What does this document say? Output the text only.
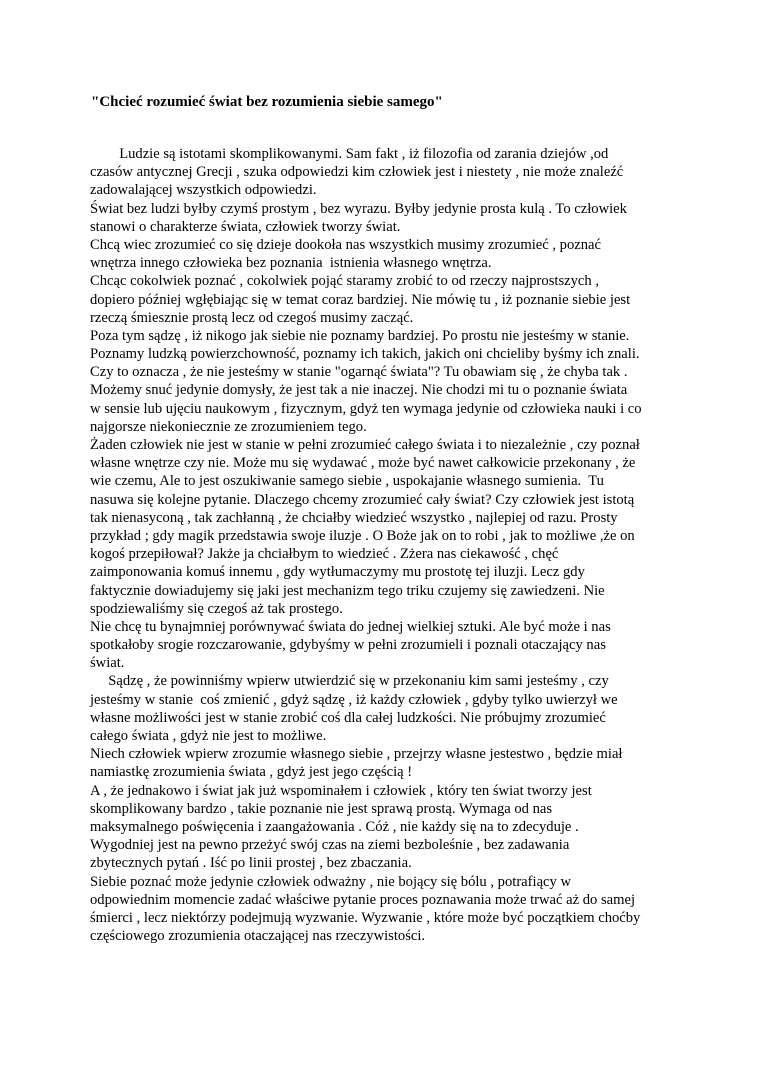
"Chcieć rozumieć świat bez rozumienia siebie samego"
Ludzie są istotami skomplikowanymi. Sam fakt , iż filozofia od zarania dziejów ,od
czasów antycznej Grecji , szuka odpowiedzi kim człowiek jest i niestety , nie może znaleźć
zadowalającej wszystkich odpowiedzi.
Świat bez ludzi byłby czymś prostym , bez wyrazu. Byłby jedynie prosta kulą . To człowiek
stanowi o charakterze świata, człowiek tworzy świat.
Chcą wiec zrozumieć co się dzieje dookoła nas wszystkich musimy zrozumieć , poznać
wnętrza innego człowieka bez poznania  istnienia własnego wnętrza.
Chcąc cokolwiek poznać , cokolwiek pojąć staramy zrobić to od rzeczy najprostszych ,
dopiero później wgłębiając się w temat coraz bardziej. Nie mówię tu , iż poznanie siebie jest
rzeczą śmiesznie prostą lecz od czegoś musimy zacząć.
Poza tym sądzę , iż nikogo jak siebie nie poznamy bardziej. Po prostu nie jesteśmy w stanie.
Poznamy ludzką powierzchowność, poznamy ich takich, jakich oni chcieliby byśmy ich znali.
Czy to oznacza , że nie jesteśmy w stanie "ogarnąć świata"? Tu obawiam się , że chyba tak .
Możemy snuć jedynie domysły, że jest tak a nie inaczej. Nie chodzi mi tu o poznanie świata
w sensie lub ujęciu naukowym , fizycznym, gdyż ten wymaga jedynie od człowieka nauki i co
najgorsze niekoniecznie ze zrozumieniem tego.
Żaden człowiek nie jest w stanie w pełni zrozumieć całego świata i to niezależnie , czy poznał
własne wnętrze czy nie. Może mu się wydawać , może być nawet całkowicie przekonany , że
wie czemu, Ale to jest oszukiwanie samego siebie , uspokajanie własnego sumienia.  Tu
nasuwa się kolejne pytanie. Dlaczego chcemy zrozumieć cały świat? Czy człowiek jest istotą
tak nienasyconą , tak zachłanną , że chciałby wiedzieć wszystko , najlepiej od razu. Prosty
przykład ; gdy magik przedstawia swoje iluzje . O Boże jak on to robi , jak to możliwe ,że on
kogoś przepiłował? Jakże ja chciałbym to wiedzieć . Zżera nas ciekawość , chęć
zaimponowania komuś innemu , gdy wytłumaczymy mu prostotę tej iluzji. Lecz gdy
faktycznie dowiadujemy się jaki jest mechanizm tego triku czujemy się zawiedzeni. Nie
spodziewaliśmy się czegoś aż tak prostego.
Nie chcę tu bynajmniej porównywać świata do jednej wielkiej sztuki. Ale być może i nas
spotkałoby srogie rozczarowanie, gdybyśmy w pełni zrozumieli i poznali otaczający nas
świat.
Sądzę , że powinniśmy wpierw utwierdzić się w przekonaniu kim sami jesteśmy , czy
jesteśmy w stanie  coś zmienić , gdyż sądzę , iż każdy człowiek , gdyby tylko uwierzył we
własne możliwości jest w stanie zrobić coś dla całej ludzkości. Nie próbujmy zrozumieć
całego świata , gdyż nie jest to możliwe.
Niech człowiek wpierw zrozumie własnego siebie , przejrzy własne jestestwo , będzie miał
namiastkę zrozumienia świata , gdyż jest jego częścią !
A , że jednakowo i świat jak już wspominałem i człowiek , który ten świat tworzy jest
skomplikowany bardzo , takie poznanie nie jest sprawą prostą. Wymaga od nas
maksymalnego poświęcenia i zaangażowania . Cóż , nie każdy się na to zdecyduje .
Wygodniej jest na pewno przeżyć swój czas na ziemi bezboleśnie , bez zadawania
zbytecznych pytań . Iść po linii prostej , bez zbaczania.
Siebie poznać może jedynie człowiek odważny , nie bojący się bólu , potrafiący w
odpowiednim momencie zadać właściwe pytanie proces poznawania może trwać aż do samej
śmierci , lecz niektórzy podejmują wyzwanie. Wyzwanie , które może być początkiem choćby
częściowego zrozumienia otaczającej nas rzeczywistości.
